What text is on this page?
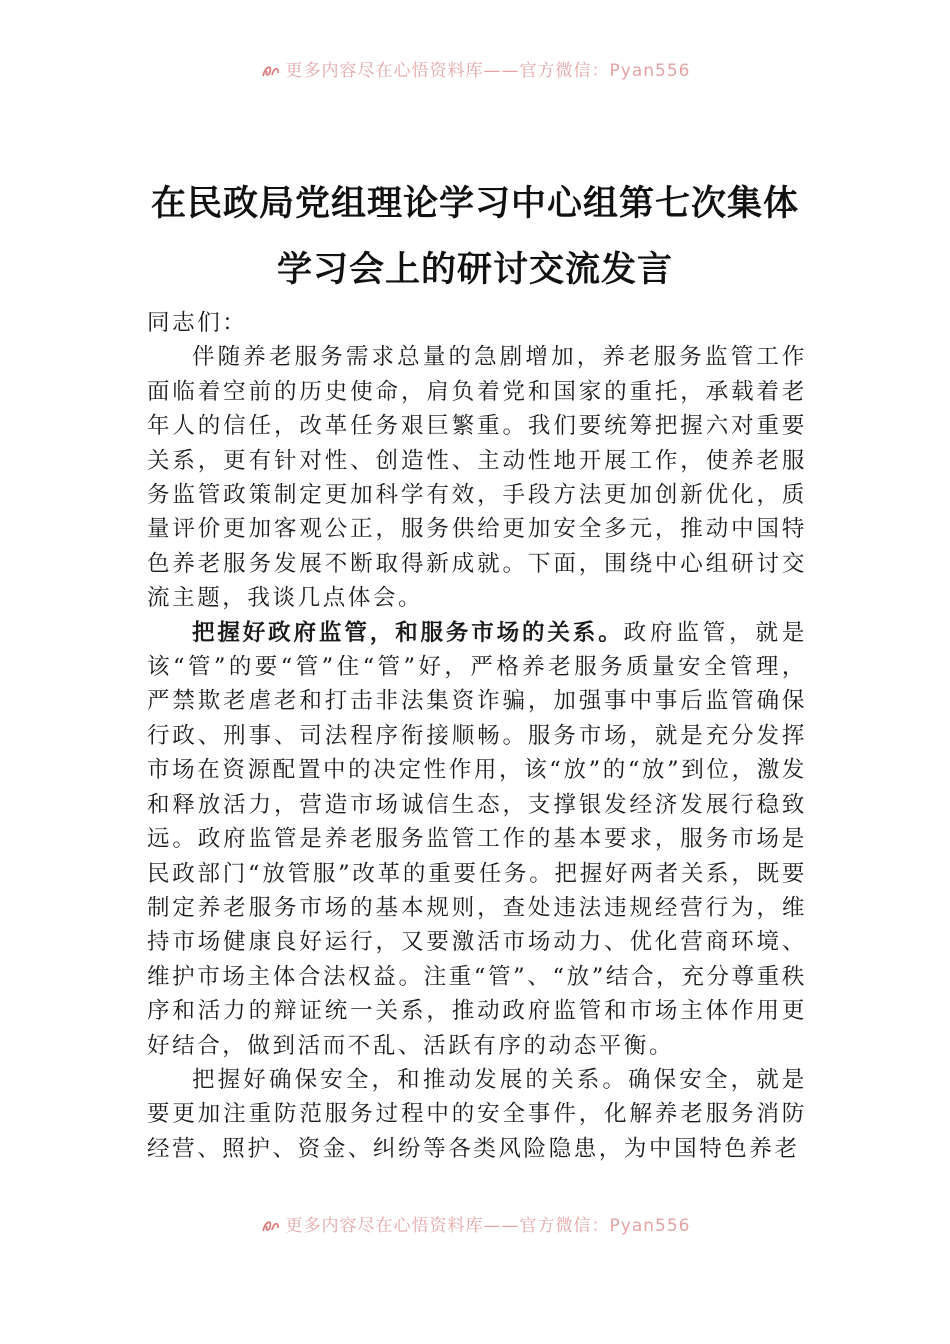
更多内容尽在心悟资料库——官方微信：Pyan556
在民政局党组理论学习中心组第七次集体
学习会上的研讨交流发言

同志们：

伴随养老服务需求总量的急剧增加，养老服务监管工作面临着空前的历史使命，肩负着党和国家的重托，承载着老年人的信任，改革任务艰巨繁重。我们要统筹把握六对重要关系，更有针对性、创造性、主动性地开展工作，使养老服务监管政策制定更加科学有效，手段方法更加创新优化，质量评价更加客观公正，服务供给更加安全多元，推动中国特色养老服务发展不断取得新成就。下面，围绕中心组研讨交流主题，我谈几点体会。

把握好政府监管，和服务市场的关系。政府监管，就是该“管”的要“管”住“管”好，严格养老服务质量安全管理，严禁欺老虐老和打击非法集资诈骗，加强事中事后监管确保行政、刑事、司法程序衔接顺畅。服务市场，就是充分发挥市场在资源配置中的决定性作用，该“放”的“放”到位，激发和释放活力，营造市场诚信生态，支撑银发经济发展行稳致远。政府监管是养老服务监管工作的基本要求，服务市场是民政部门“放管服”改革的重要任务。把握好两者关系，既要制定养老服务市场的基本规则，查处违法违规经营行为，维持市场健康良好运行，又要激活市场动力、优化营商环境、维护市场主体合法权益。注重“管”、“放”结合，充分尊重秩序和活力的辩证统一关系，推动政府监管和市场主体作用更好结合，做到活而不乱、活跃有序的动态平衡。

把握好确保安全，和推动发展的关系。确保安全，就是要更加注重防范服务过程中的安全事件，化解养老服务消防经营、照护、资金、纠纷等各类风险隐患，为中国特色养老

更多内容尽在心悟资料库——官方微信：Pyan556
